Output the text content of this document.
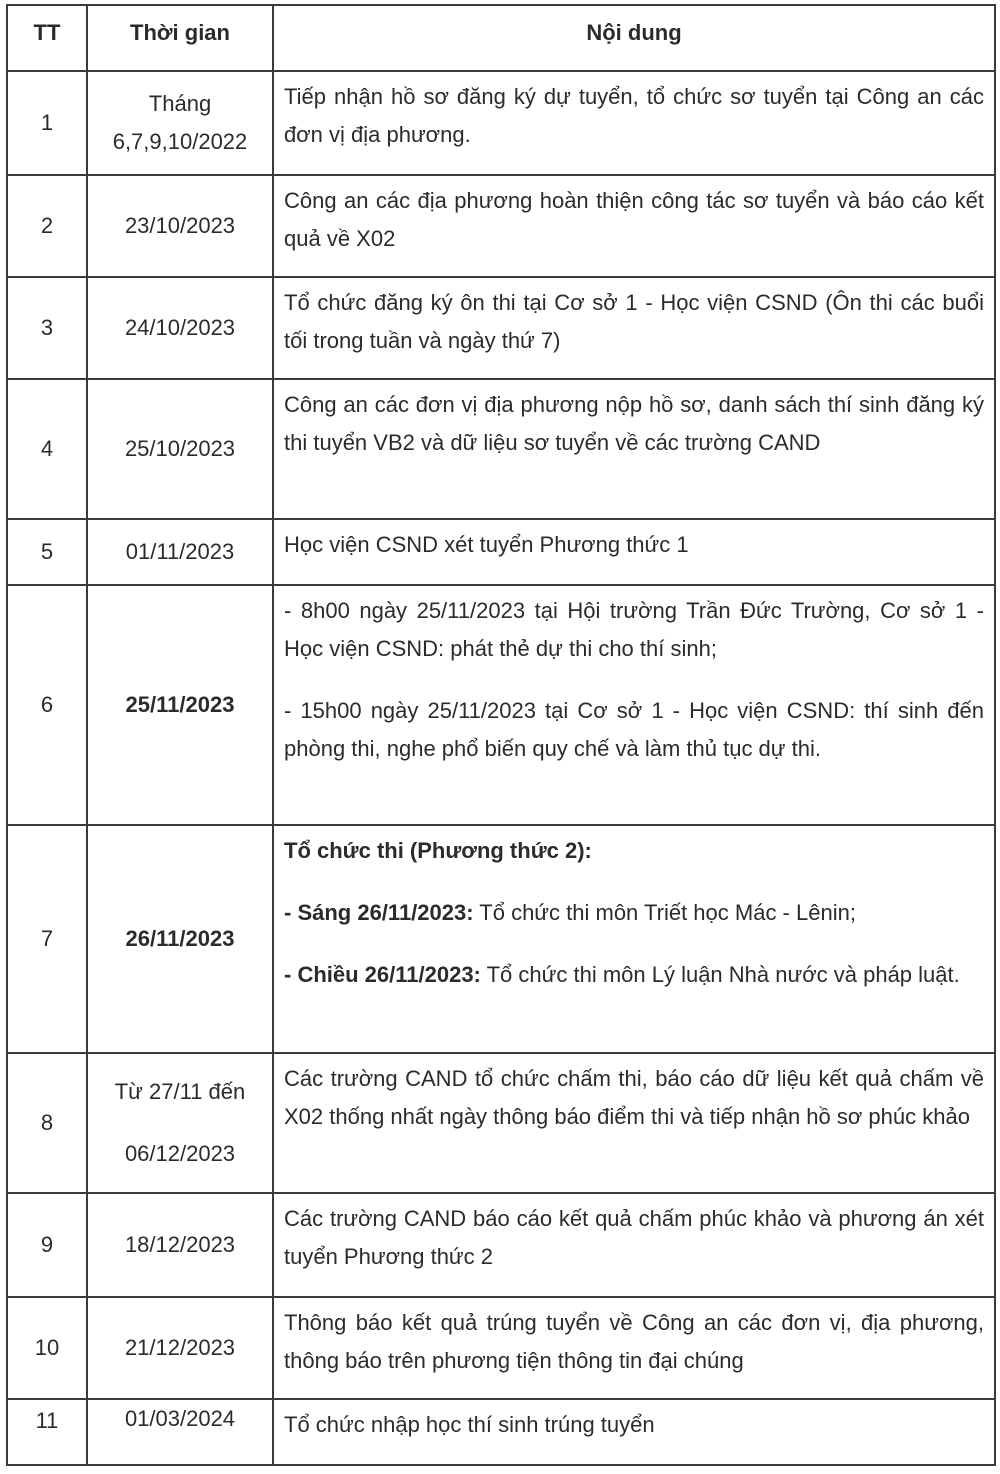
TT	Thời gian	Nội dung
1	Tháng 6,7,9,10/2022	Tiếp nhận hồ sơ đăng ký dự tuyển, tổ chức sơ tuyển tại Công an các đơn vị địa phương.
2	23/10/2023	Công an các địa phương hoàn thiện công tác sơ tuyển và báo cáo kết quả về X02
3	24/10/2023	Tổ chức đăng ký ôn thi tại Cơ sở 1 - Học viện CSND (Ôn thi các buổi tối trong tuần và ngày thứ 7)
4	25/10/2023	Công an các đơn vị địa phương nộp hồ sơ, danh sách thí sinh đăng ký thi tuyển VB2 và dữ liệu sơ tuyển về các trường CAND
5	01/11/2023	Học viện CSND xét tuyển Phương thức 1
6	25/11/2023	- 8h00 ngày 25/11/2023 tại Hội trường Trần Đức Trường, Cơ sở 1 - Học viện CSND: phát thẻ dự thi cho thí sinh;

- 15h00 ngày 25/11/2023 tại Cơ sở 1 - Học viện CSND: thí sinh đến phòng thi, nghe phổ biến quy chế và làm thủ tục dự thi.

7	26/11/2023	Tổ chức thi (Phương thức 2):

- Sáng 26/11/2023: Tổ chức thi môn Triết học Mác - Lênin;

- Chiều 26/11/2023: Tổ chức thi môn Lý luận Nhà nước và pháp luật.

8	Từ 27/11 đến
06/12/2023	Các trường CAND tổ chức chấm thi, báo cáo dữ liệu kết quả chấm về X02 thống nhất ngày thông báo điểm thi và tiếp nhận hồ sơ phúc khảo
9	18/12/2023	Các trường CAND báo cáo kết quả chấm phúc khảo và phương án xét tuyển Phương thức 2
10	21/12/2023	Thông báo kết quả trúng tuyển về Công an các đơn vị, địa phương, thông báo trên phương tiện thông tin đại chúng
11	01/03/2024	Tổ chức nhập học thí sinh trúng tuyển
